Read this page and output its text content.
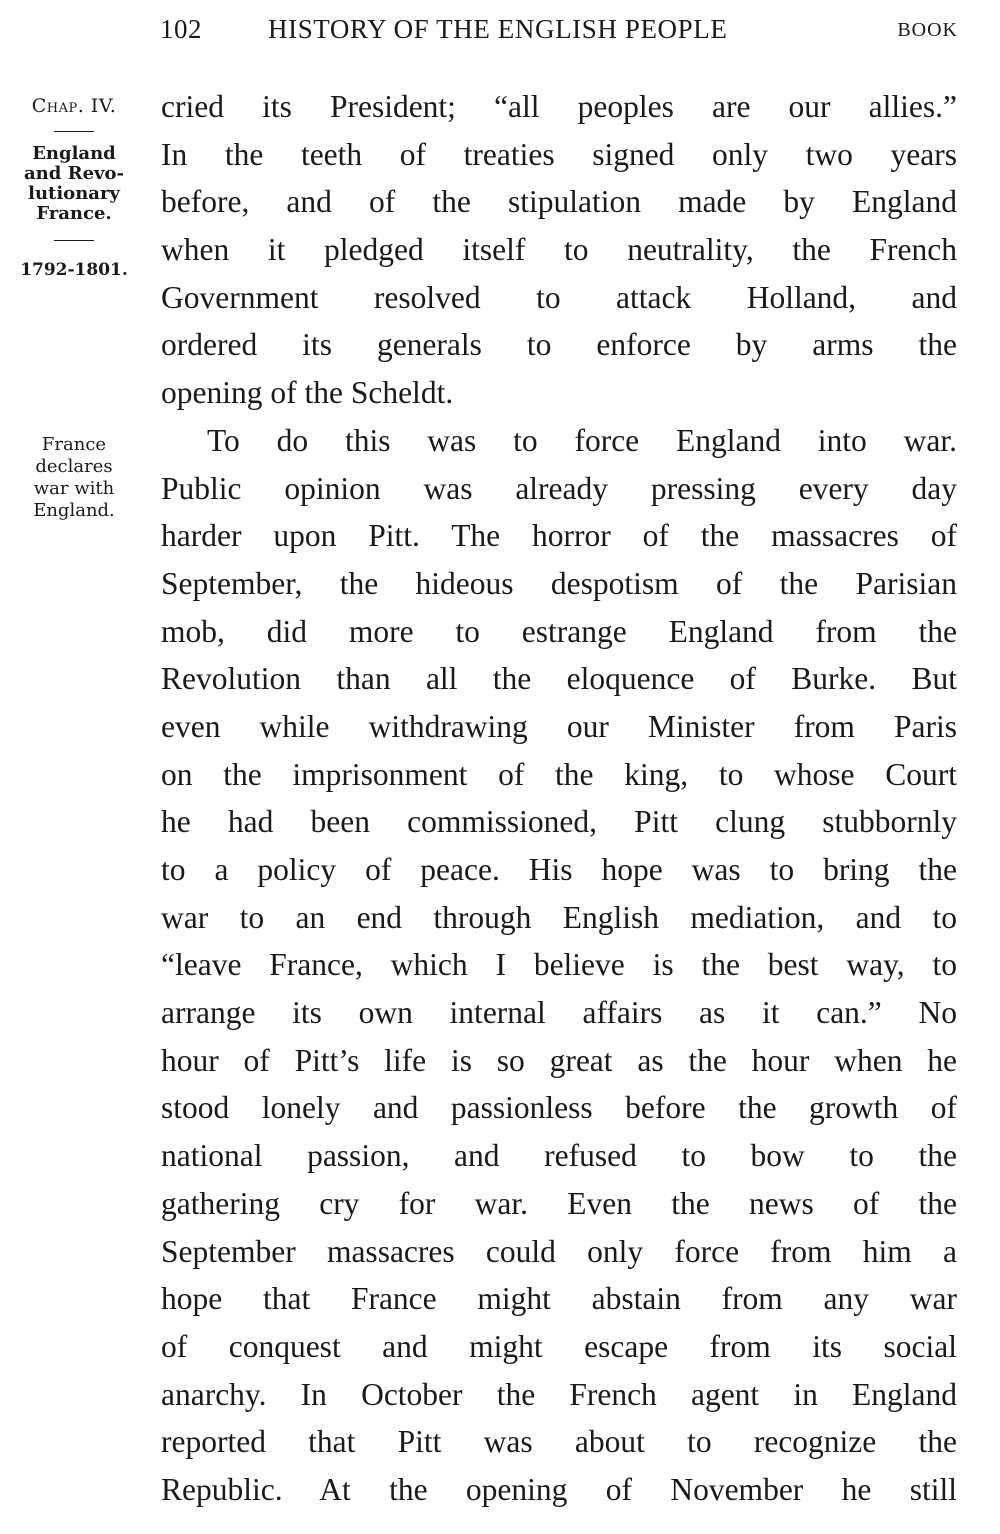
102 HISTORY OF THE ENGLISH PEOPLE	BOOK
Chap. IV.
England
and Revo-
lutionary
France.
1792-1801.
France
declares
war with
England.
cried its President; “all peoples are our allies.”
In the teeth of treaties signed only two years
before, and of the stipulation made by England
when it pledged itself to neutrality, the French
Government resolved to attack Holland, and
ordered its generals to enforce by arms the
opening of the Scheldt.
To do this was to force England into war.
Public opinion was already pressing every day
harder upon Pitt. The horror of the massacres of
September, the hideous despotism of the Parisian
mob, did more to estrange England from the
Revolution than all the eloquence of Burke. But
even while withdrawing our Minister from Paris
on the imprisonment of the king, to whose Court
he had been commissioned, Pitt clung stubbornly
to a policy of peace. His hope was to bring the
war to an end through English mediation, and to
“leave France, which I believe is the best way, to
arrange its own internal affairs as it can.” No
hour of Pitt’s life is so great as the hour when he
stood lonely and passionless before the growth of
national passion, and refused to bow to the
gathering cry for war. Even the news of the
September massacres could only force from him a
hope that France might abstain from any war
of conquest and might escape from its social
anarchy. In October the French agent in England
reported that Pitt was about to recognize the
Republic. At the opening of November he still
